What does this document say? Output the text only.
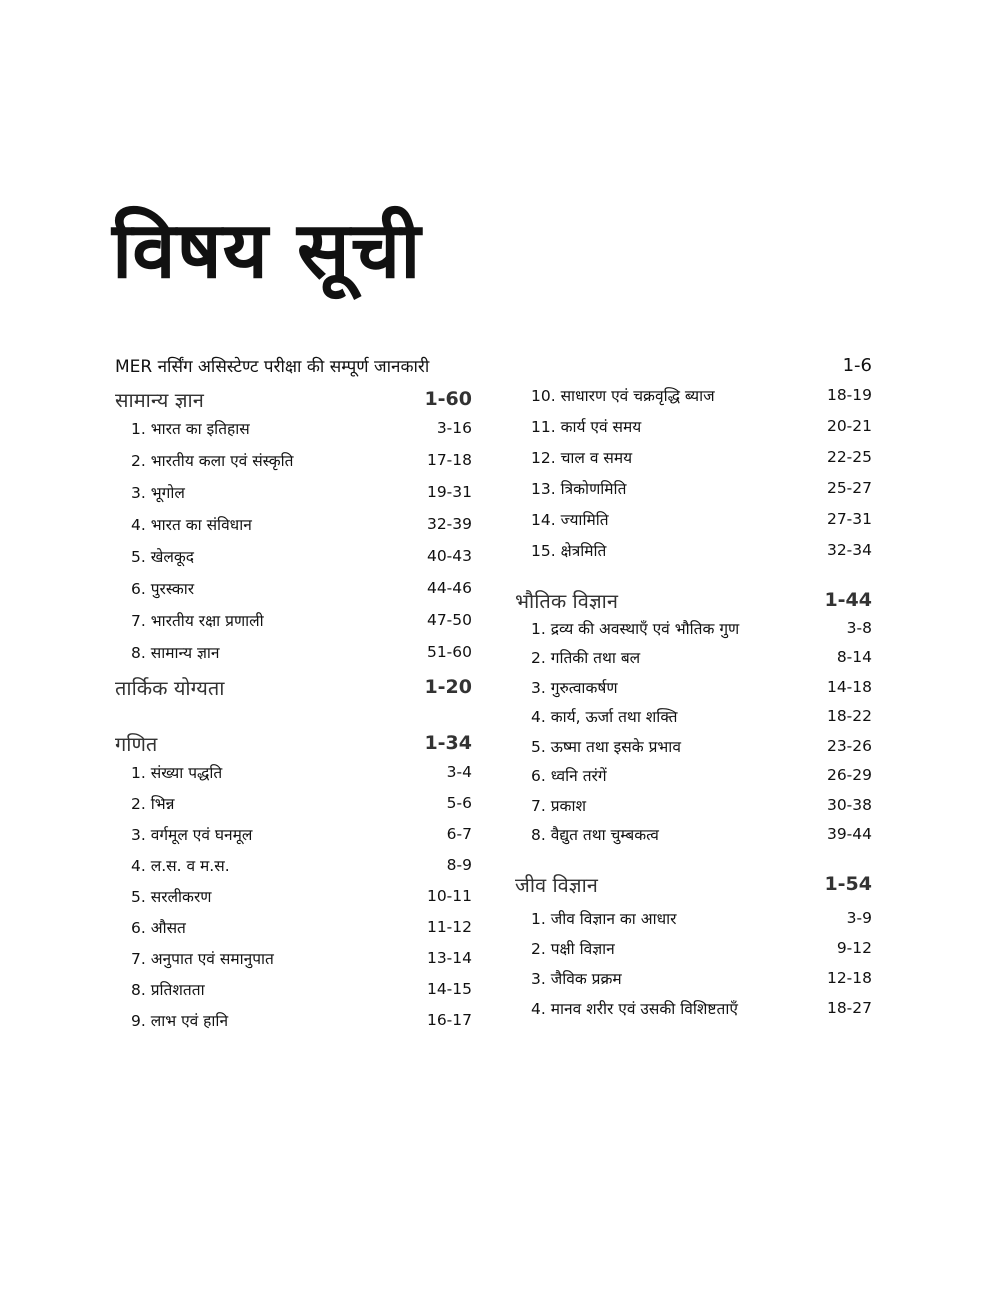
विषय सूची
MER नर्सिंग असिस्टेण्ट परीक्षा की सम्पूर्ण जानकारी	1-6
सामान्य ज्ञान	1-60
1. भारत का इतिहास	3-16
2. भारतीय कला एवं संस्कृति	17-18
3. भूगोल	19-31
4. भारत का संविधान	32-39
5. खेलकूद	40-43
6. पुरस्कार	44-46
7. भारतीय रक्षा प्रणाली	47-50
8. सामान्य ज्ञान	51-60
तार्किक योग्यता	1-20
गणित	1-34
1. संख्या पद्धति	3-4
2. भिन्न	5-6
3. वर्गमूल एवं घनमूल	6-7
4. ल.स. व म.स.	8-9
5. सरलीकरण	10-11
6. औसत	11-12
7. अनुपात एवं समानुपात	13-14
8. प्रतिशतता	14-15
9. लाभ एवं हानि	16-17
10. साधारण एवं चक्रवृद्धि ब्याज	18-19
11. कार्य एवं समय	20-21
12. चाल व समय	22-25
13. त्रिकोणमिति	25-27
14. ज्यामिति	27-31
15. क्षेत्रमिति	32-34
भौतिक विज्ञान	1-44
1. द्रव्य की अवस्थाएँ एवं भौतिक गुण	3-8
2. गतिकी तथा बल	8-14
3. गुरुत्वाकर्षण	14-18
4. कार्य, ऊर्जा तथा शक्ति	18-22
5. ऊष्मा तथा इसके प्रभाव	23-26
6. ध्वनि तरंगें	26-29
7. प्रकाश	30-38
8. वैद्युत तथा चुम्बकत्व	39-44
जीव विज्ञान	1-54
1. जीव विज्ञान का आधार	3-9
2. पक्षी विज्ञान	9-12
3. जैविक प्रक्रम	12-18
4. मानव शरीर एवं उसकी विशिष्टताएँ	18-27
